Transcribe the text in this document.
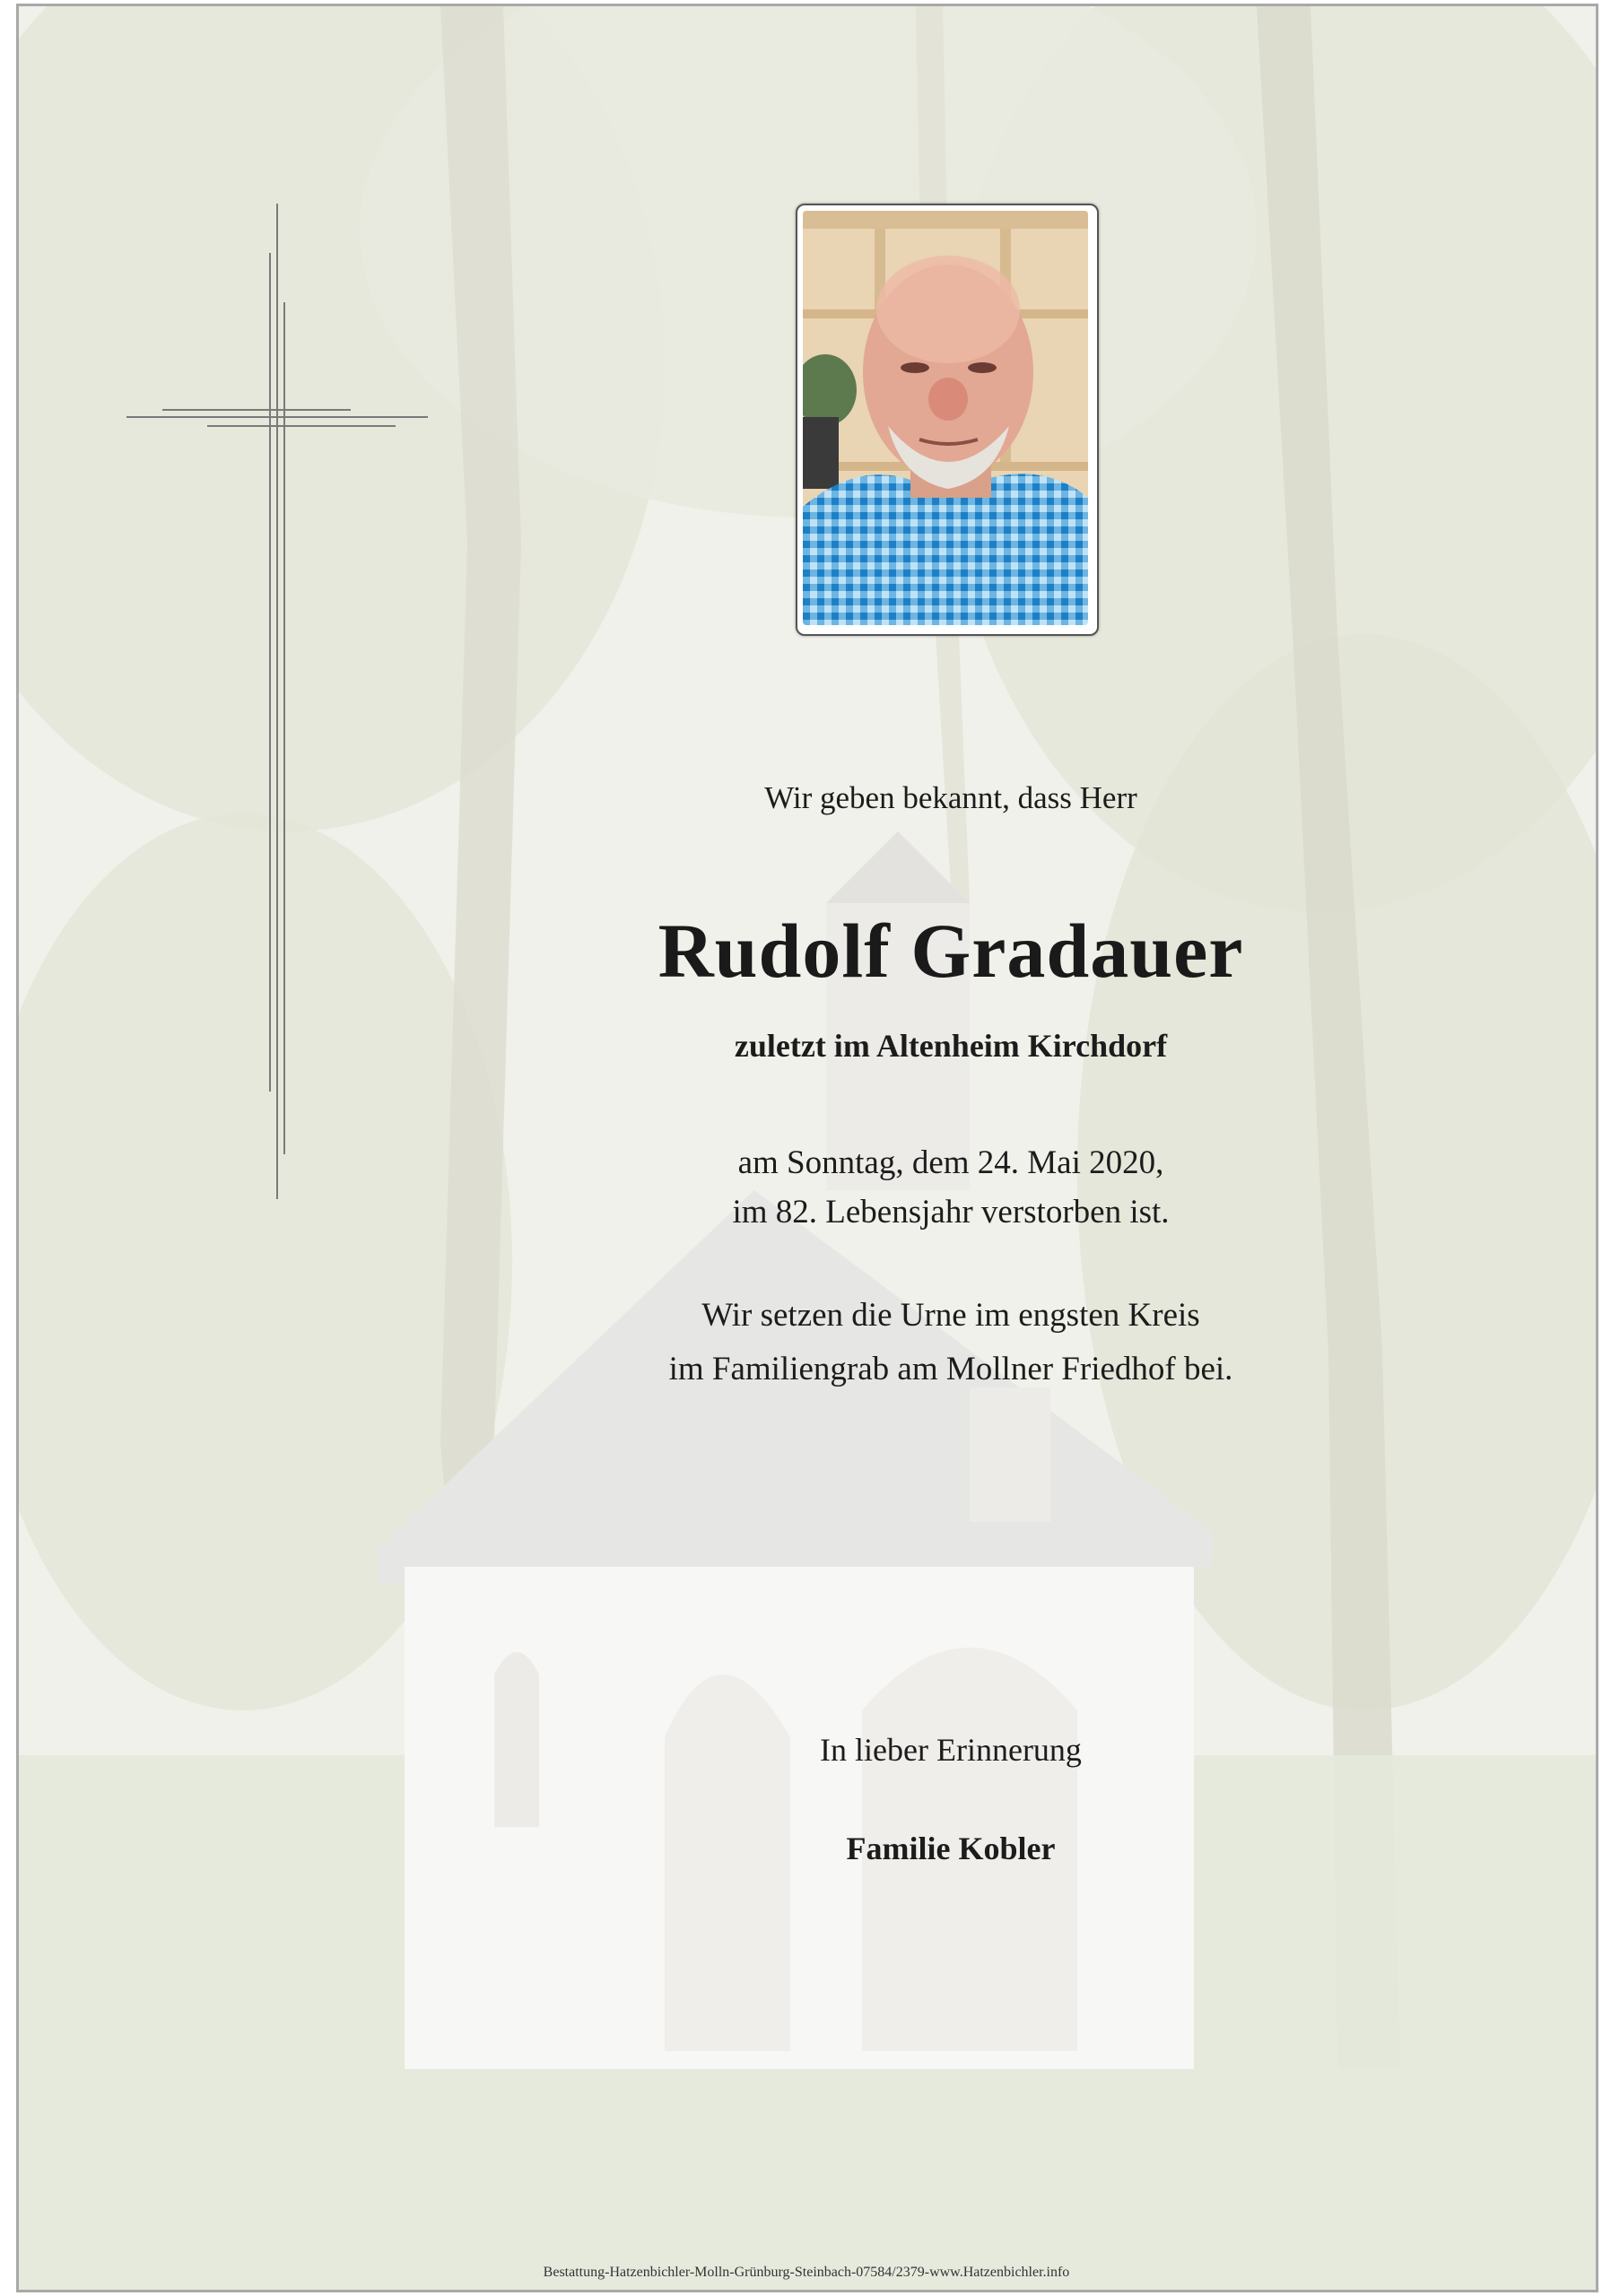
Wir geben bekannt, dass Herr
Rudolf Gradauer
zuletzt im Altenheim Kirchdorf
am Sonntag, dem 24. Mai 2020,
im 82. Lebensjahr verstorben ist.
Wir setzen die Urne im engsten Kreis
im Familiengrab am Mollner Friedhof bei.
In lieber Erinnerung
Familie Kobler
Bestattung-Hatzenbichler-Molln-Grünburg-Steinbach-07584/2379-www.Hatzenbichler.info
